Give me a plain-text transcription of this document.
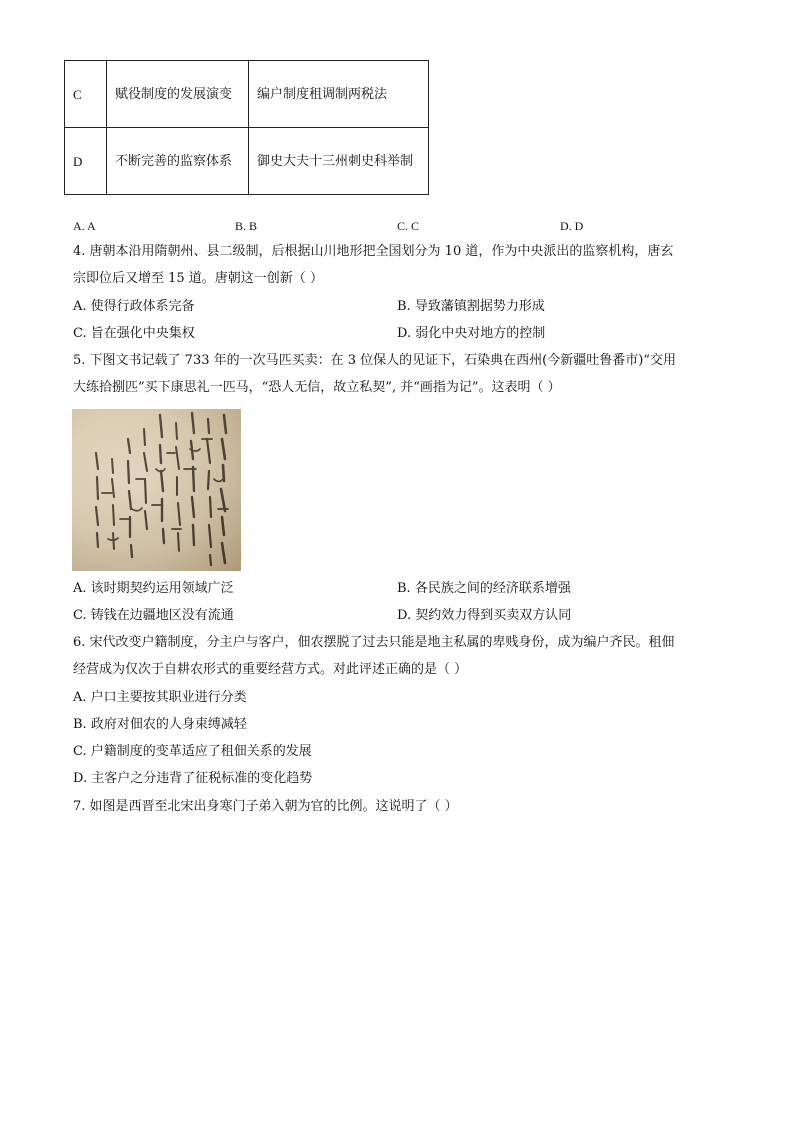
C	赋役制度的发展演变	编户制度租调制两税法
D	不断完善的监察体系	御史大夫十三州刺史科举制
A. A	B. B	C. C	D. D
4. 唐朝本沿用隋朝州、县二级制，后根据山川地形把全国划分为 10 道，作为中央派出的监察机构，唐玄
宗即位后又增至 15 道。唐朝这一创新（ ）
A. 使得行政体系完备	B. 导致藩镇割据势力形成
C. 旨在强化中央集权	D. 弱化中央对地方的控制
5. 下图文书记载了 733 年的一次马匹买卖：在 3 位保人的见证下，石染典在西州(今新疆吐鲁番市)“交用
大练拾捌匹”买下康思礼一匹马，“恐人无信，故立私契”, 并“画指为记”。这表明（ ）
A. 该时期契约运用领域广泛	B. 各民族之间的经济联系增强
C. 铸钱在边疆地区没有流通	D. 契约效力得到买卖双方认同
6. 宋代改变户籍制度，分主户与客户，佃农摆脱了过去只能是地主私属的卑贱身份，成为编户齐民。租佃
经营成为仅次于自耕农形式的重要经营方式。对此评述正确的是（ ）
A. 户口主要按其职业进行分类
B. 政府对佃农的人身束缚减轻
C. 户籍制度的变革适应了租佃关系的发展
D. 主客户之分违背了征税标准的变化趋势
7. 如图是西晋至北宋出身寒门子弟入朝为官的比例。这说明了（ ）
